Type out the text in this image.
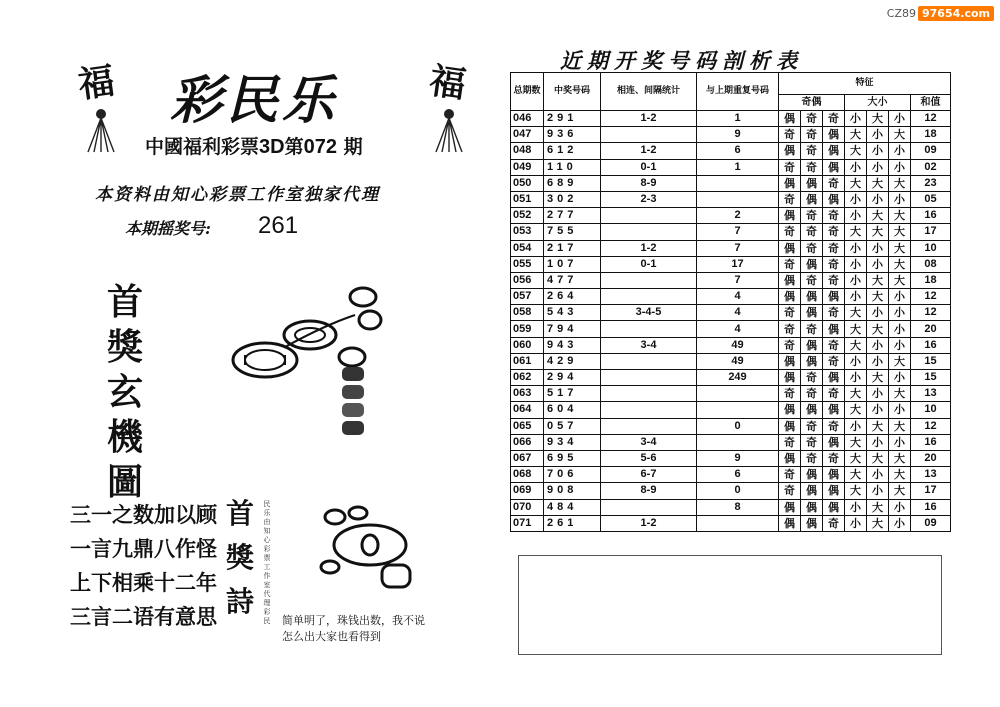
CZ89 97654.com
福	福
彩民乐
中國福利彩票3D第072 期
本资料由知心彩票工作室独家代理
本期摇奖号: 261
首
獎
玄
機
圖
三一之数加以顾
一言九鼎八作怪
上下相乘十二年
三言二语有意思
首
獎
詩
民
乐
由
知
心
彩
票
工
作
室
代
理
彩
民 简单明了，珠钱出数，我不说
怎么出大家也看得到
近期开奖号码剖析表
总期数	中奖号码	相连、间隔统计	与上期重复号码	特征						
				奇偶			大小			和值
046	291	1-2	1	偶	奇	奇	小	大	小	12
047	936		9	奇	奇	偶	大	小	大	18
048	612	1-2	6	偶	奇	偶	大	小	小	09
049	110	0-1	1	奇	奇	偶	小	小	小	02
050	689	8-9		偶	偶	奇	大	大	大	23
051	302	2-3		奇	偶	偶	小	小	小	05
052	277		2	偶	奇	奇	小	大	大	16
053	755		7	奇	奇	奇	大	大	大	17
054	217	1-2	7	偶	奇	奇	小	小	大	10
055	107	0-1	17	奇	偶	奇	小	小	大	08
056	477		7	偶	奇	奇	小	大	大	18
057	264		4	偶	偶	偶	小	大	小	12
058	543	3-4-5	4	奇	偶	奇	大	小	小	12
059	794		4	奇	奇	偶	大	大	小	20
060	943	3-4	49	奇	偶	奇	大	小	小	16
061	429		49	偶	偶	奇	小	小	大	15
062	294		249	偶	奇	偶	小	大	小	15
063	517			奇	奇	奇	大	小	大	13
064	604			偶	偶	偶	大	小	小	10
065	057		0	偶	奇	奇	小	大	大	12
066	934	3-4		奇	奇	偶	大	小	小	16
067	695	5-6	9	偶	奇	奇	大	大	大	20
068	706	6-7	6	奇	偶	偶	大	小	大	13
069	908	8-9	0	奇	偶	偶	大	小	大	17
070	484		8	偶	偶	偶	小	大	小	16
071	261	1-2		偶	偶	奇	小	大	小	09
